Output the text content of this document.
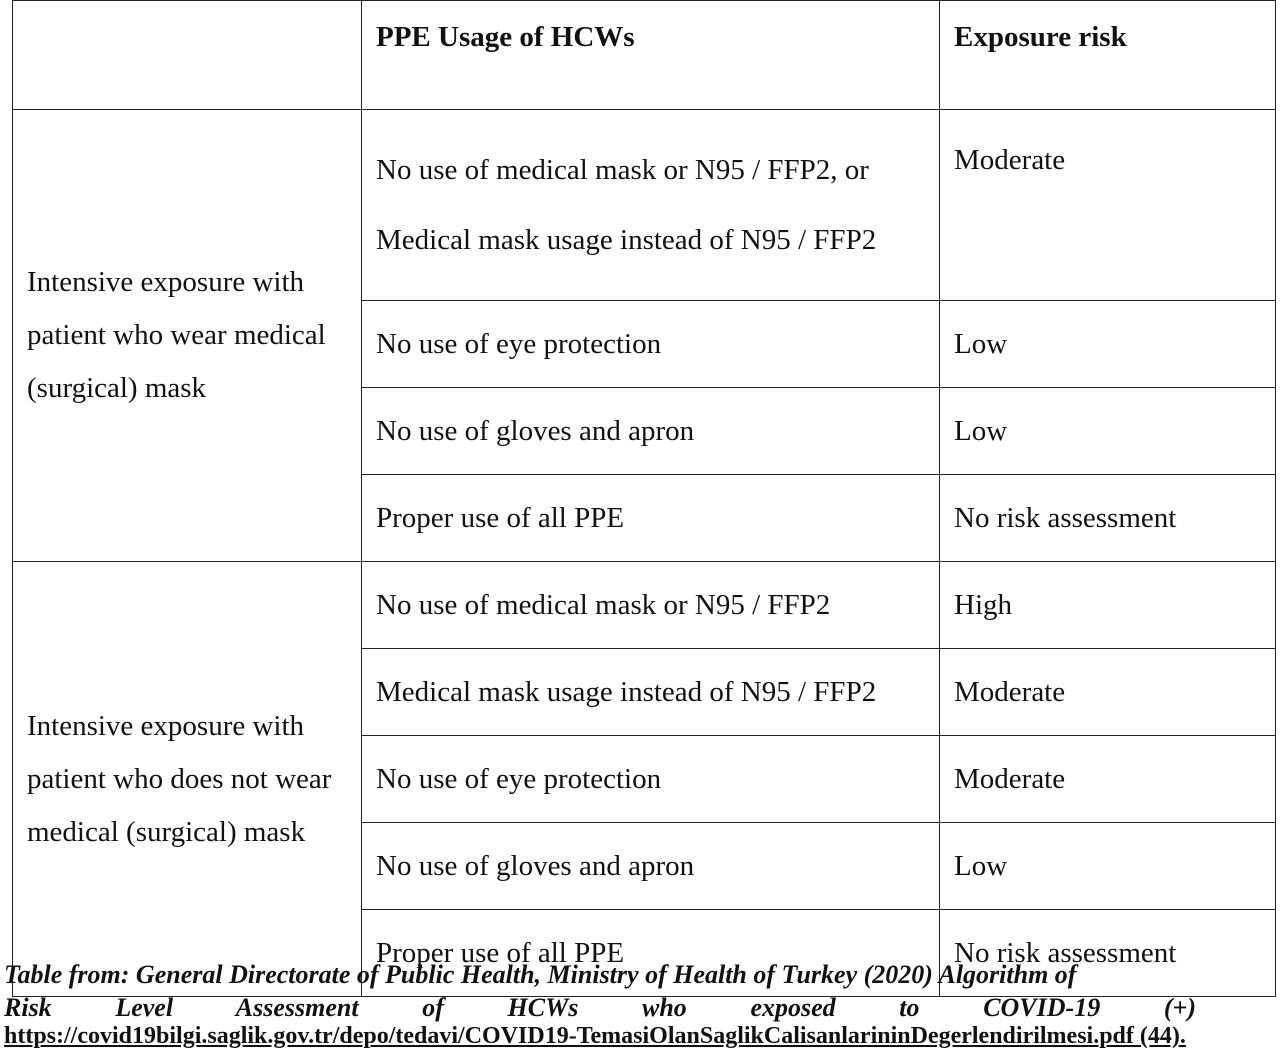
	PPE Usage of HCWs	Exposure risk
Intensive exposure with patient who wear medical (surgical) mask	No use of medical mask or N95 / FFP2, or Medical mask usage instead of N95 / FFP2	Moderate
	No use of eye protection	Low
	No use of gloves and apron	Low
	Proper use of all PPE	No risk assessment
Intensive exposure with patient who does not wear medical (surgical) mask	No use of medical mask or N95 / FFP2	High
	Medical mask usage instead of N95 / FFP2	Moderate
	No use of eye protection	Moderate
	No use of gloves and apron	Low
	Proper use of all PPE	No risk assessment
Table from: General Directorate of Public Health, Ministry of Health of Turkey (2020) Algorithm of
Risk Level Assessment of HCWs who exposed to COVID-19 (+)
https://covid19bilgi.saglik.gov.tr/depo/tedavi/COVID19-TemasiOlanSaglikCalisanlarininDegerlendirilmesi.pdf (44).
